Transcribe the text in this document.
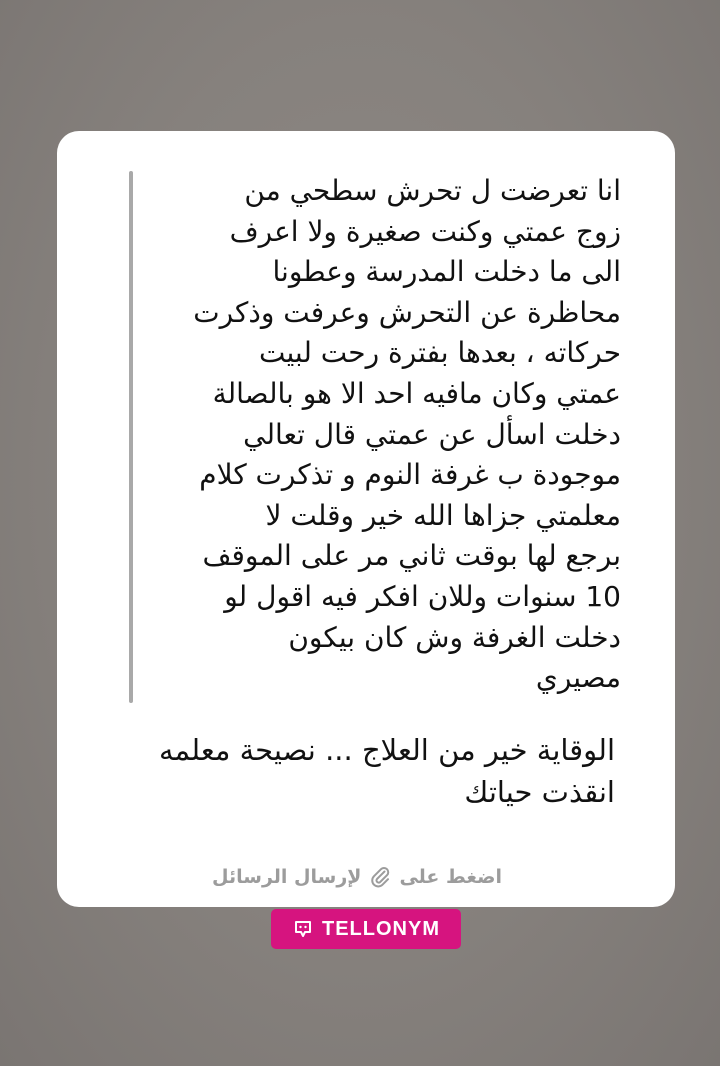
انا تعرضت ل تحرش سطحي من
زوج عمتي وكنت صغيرة ولا اعرف
الى ما دخلت المدرسة وعطونا
محاظرة عن التحرش وعرفت وذكرت
حركاته ، بعدها بفترة رحت لبيت
عمتي وكان مافيه احد الا هو بالصالة
دخلت اسأل عن عمتي قال تعالي
موجودة ب غرفة النوم و تذكرت كلام
معلمتي جزاها الله خير وقلت لا
برجع لها بوقت ثاني مر على الموقف
10 سنوات وللان افكر فيه اقول لو
دخلت الغرفة وش كان بيكون
مصيري
الوقاية خير من العلاج ... نصيحة معلمه
انقذت حياتك
اضغط على
لإرسال الرسائل
TELLONYM
